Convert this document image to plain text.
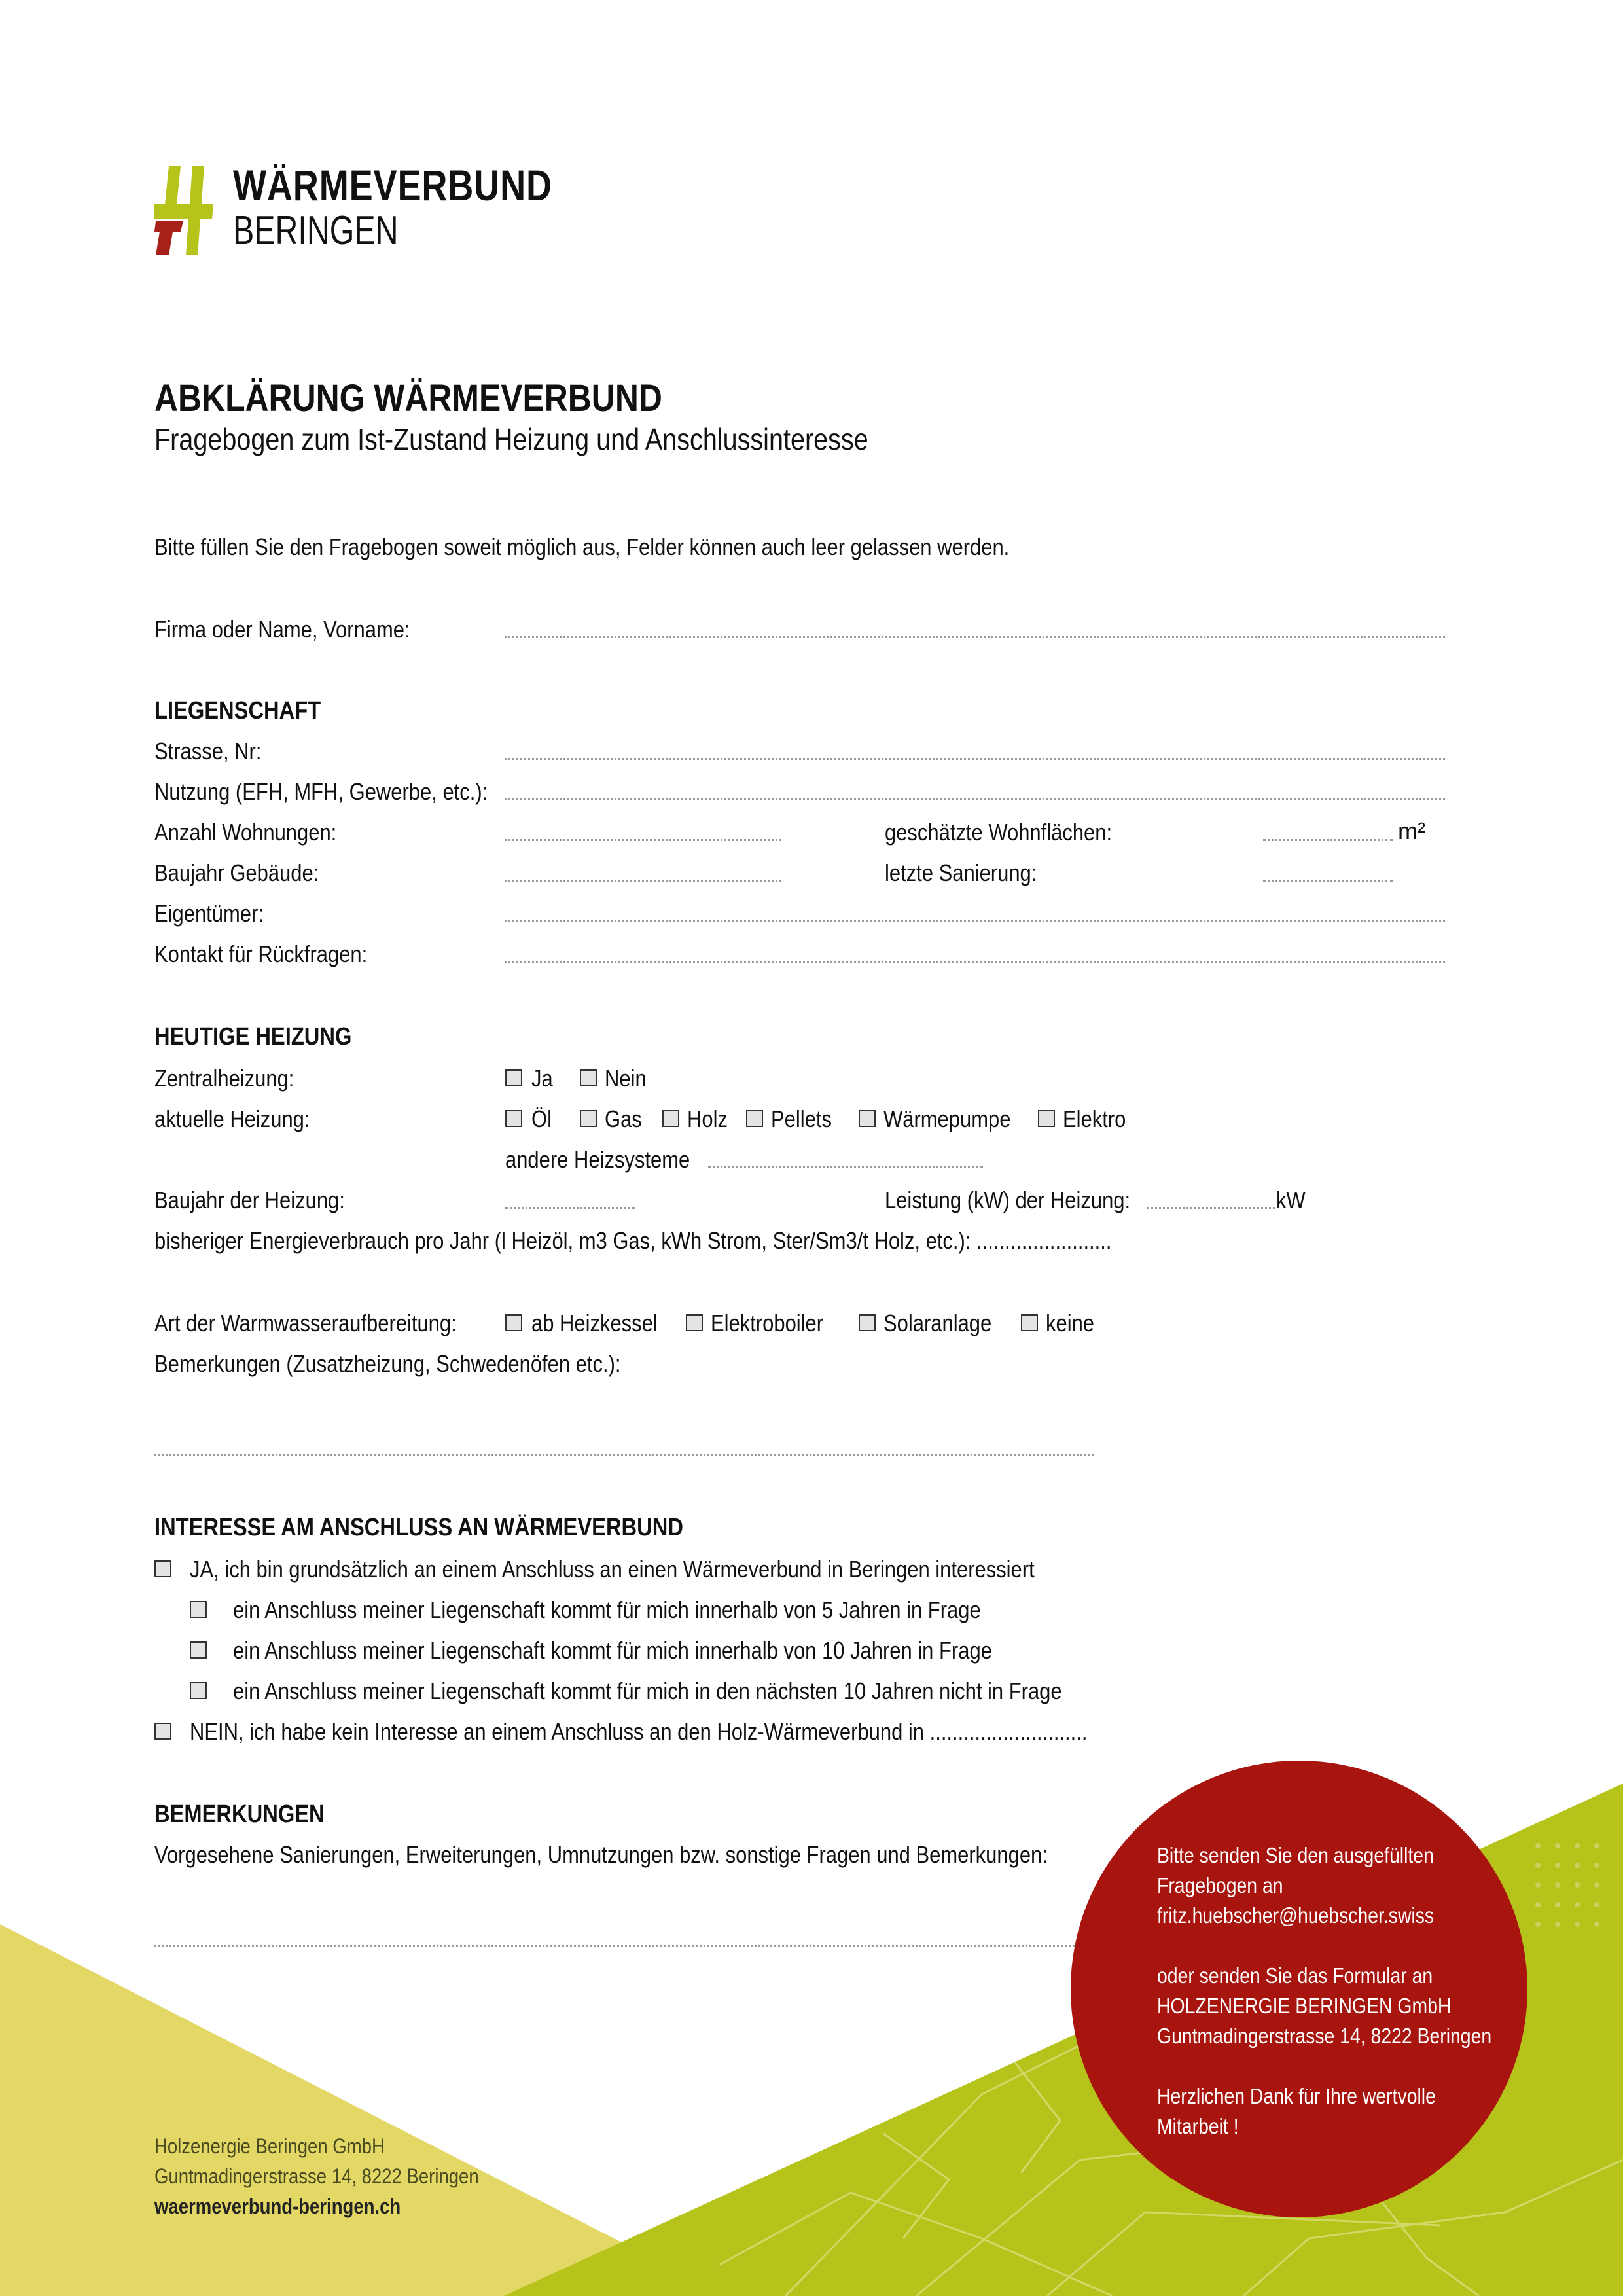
WÄRMEVERBUND
BERINGEN
ABKLÄRUNG WÄRMEVERBUND
Fragebogen zum Ist-Zustand Heizung und Anschlussinteresse
Bitte füllen Sie den Fragebogen soweit möglich aus, Felder können auch leer gelassen werden.
Firma oder Name, Vorname:
LIEGENSCHAFT
Strasse, Nr:
Nutzung (EFH, MFH, Gewerbe, etc.):
Anzahl Wohnungen:	geschätzte Wohnflächen:	m²
Baujahr Gebäude:	letzte Sanierung:
Eigentümer:
Kontakt für Rückfragen:
HEUTIGE HEIZUNG
Zentralheizung:	Ja Nein
aktuelle Heizung:	Öl Gas Holz Pellets	Wärmepumpe	Elektro
andere Heizsysteme
Baujahr der Heizung:	Leistung (kW) der Heizung:	kW
bisheriger Energieverbrauch pro Jahr (l Heizöl, m3 Gas, kWh Strom, Ster/Sm3/t Holz, etc.): ........................
Art der Warmwasseraufbereitung:	ab Heizkessel	Elektroboiler	Solaranlage	keine
Bemerkungen (Zusatzheizung, Schwedenöfen etc.):
INTERESSE AM ANSCHLUSS AN WÄRMEVERBUND
JA, ich bin grundsätzlich an einem Anschluss an einen Wärmeverbund in Beringen interessiert
ein Anschluss meiner Liegenschaft kommt für mich innerhalb von 5 Jahren in Frage
ein Anschluss meiner Liegenschaft kommt für mich innerhalb von 10 Jahren in Frage
ein Anschluss meiner Liegenschaft kommt für mich in den nächsten 10 Jahren nicht in Frage
NEIN, ich habe kein Interesse an einem Anschluss an den Holz-Wärmeverbund in ............................
BEMERKUNGEN
Vorgesehene Sanierungen, Erweiterungen, Umnutzungen bzw. sonstige Fragen und Bemerkungen:	Bitte senden Sie den ausgefüllten
Fragebogen an
fritz.huebscher@huebscher.swiss
oder senden Sie das Formular an
HOLZENERGIE BERINGEN GmbH
Guntmadingerstrasse 14, 8222 Beringen
Herzlichen Dank für Ihre wertvolle
Mitarbeit !
Holzenergie Beringen GmbH
Guntmadingerstrasse 14, 8222 Beringen
waermeverbund-beringen.ch
